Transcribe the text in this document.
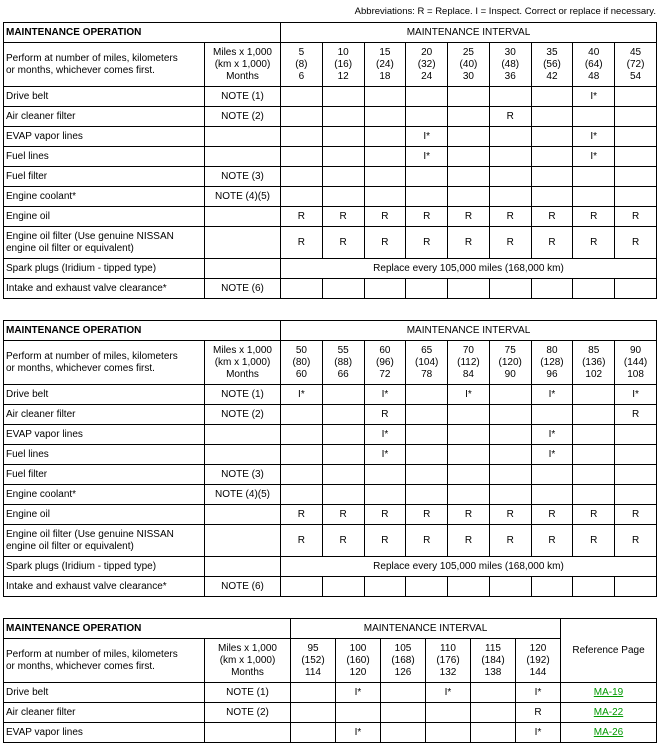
Abbreviations: R = Replace. I = Inspect. Correct or replace if necessary.
MAINTENANCE OPERATION		MAINTENANCE INTERVAL								

Perform at number of miles, kilometers
or months, whichever comes first.	Miles x 1,000
(km x 1,000)
Months	5
(8)
6	10
(16)
12	15
(24)
18	20
(32)
24	25
(40)
30	30
(48)
36	35
(56)
42	40
(64)
48	45
(72)
54

Drive belt	NOTE (1)								I*	

Air cleaner filter	NOTE (2)						R			

EVAP vapor lines					I*				I*	

Fuel lines					I*				I*	

Fuel filter	NOTE (3)									

Engine coolant*	NOTE (4)(5)									

Engine oil		R	R	R	R	R	R	R	R	R

Engine oil filter (Use genuine NISSAN
engine oil filter or equivalent)		R	R	R	R	R	R	R	R	R

Spark plugs (Iridium - tipped type)		Replace every 105,000 miles (168,000 km)								

Intake and exhaust valve clearance*	NOTE (6)									
MAINTENANCE OPERATION		MAINTENANCE INTERVAL								

Perform at number of miles, kilometers
or months, whichever comes first.	Miles x 1,000
(km x 1,000)
Months	50
(80)
60	55
(88)
66	60
(96)
72	65
(104)
78	70
(112)
84	75
(120)
90	80
(128)
96	85
(136)
102	90
(144)
108

Drive belt	NOTE (1)	I*		I*		I*		I*		I*

Air cleaner filter	NOTE (2)			R						R

EVAP vapor lines				I*				I*		

Fuel lines				I*				I*		

Fuel filter	NOTE (3)									

Engine coolant*	NOTE (4)(5)									

Engine oil		R	R	R	R	R	R	R	R	R

Engine oil filter (Use genuine NISSAN
engine oil filter or equivalent)		R	R	R	R	R	R	R	R	R

Spark plugs (Iridium - tipped type)		Replace every 105,000 miles (168,000 km)								

Intake and exhaust valve clearance*	NOTE (6)									
MAINTENANCE OPERATION		MAINTENANCE INTERVAL						Reference Page

Perform at number of miles, kilometers
or months, whichever comes first.	Miles x 1,000
(km x 1,000)
Months	95
(152)
114	100
(160)
120	105
(168)
126	110
(176)
132	115
(184)
138	120
(192)
144	

Drive belt	NOTE (1)		I*		I*		I*	MA-19

Air cleaner filter	NOTE (2)						R	MA-22

EVAP vapor lines			I*				I*	MA-26
